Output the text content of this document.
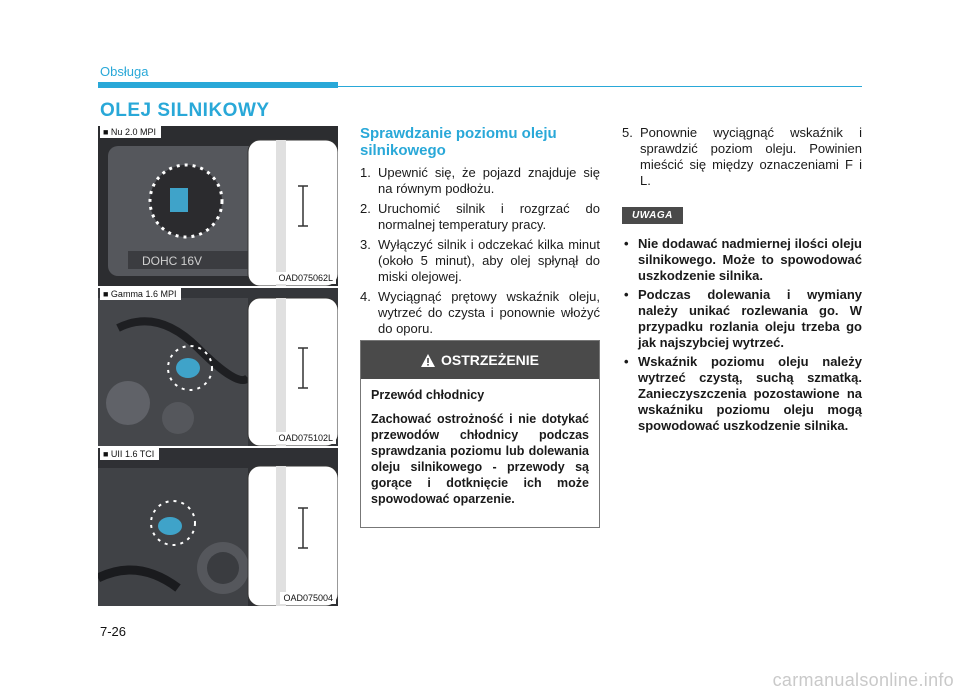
Obsługa
OLEJ SILNIKOWY
DOHC 16V
■ Nu 2.0 MPI
OAD075062L
■ Gamma 1.6 MPI
OAD075102L
■ UII 1.6 TCI
OAD075004
Sprawdzanie poziomu oleju silnikowego
1. Upewnić się, że pojazd znajduje się na równym podłożu.
2. Uruchomić silnik i rozgrzać do normalnej temperatury pracy.
3. Wyłączyć silnik i odczekać kilka minut (około 5 minut), aby olej spłynął do miski olejowej.
4. Wyciągnąć prętowy wskaźnik oleju, wytrzeć do czysta i ponownie włożyć do oporu.
OSTRZEŻENIE
Przewód chłodnicy
Zachować ostrożność i nie dotykać przewodów chłodnicy podczas sprawdzania poziomu lub dolewania oleju silnikowego - przewody są gorące i dotknięcie ich może spowodować oparzenie.

5. Ponownie wyciągnąć wskaźnik i sprawdzić poziom oleju. Powinien mieścić się między oznaczeniami F i L.

UWAGA
• Nie dodawać nadmiernej ilości oleju silnikowego. Może to spowodować uszkodzenie silnika.
• Podczas dolewania i wymiany należy unikać rozlewania go. W przypadku rozlania oleju trzeba go jak najszybciej wytrzeć.
• Wskaźnik poziomu oleju należy wytrzeć czystą, suchą szmatką. Zanieczyszczenia pozostawione na wskaźniku poziomu oleju mogą spowodować uszkodzenie silnika.
7-26
carmanualsonline.info
